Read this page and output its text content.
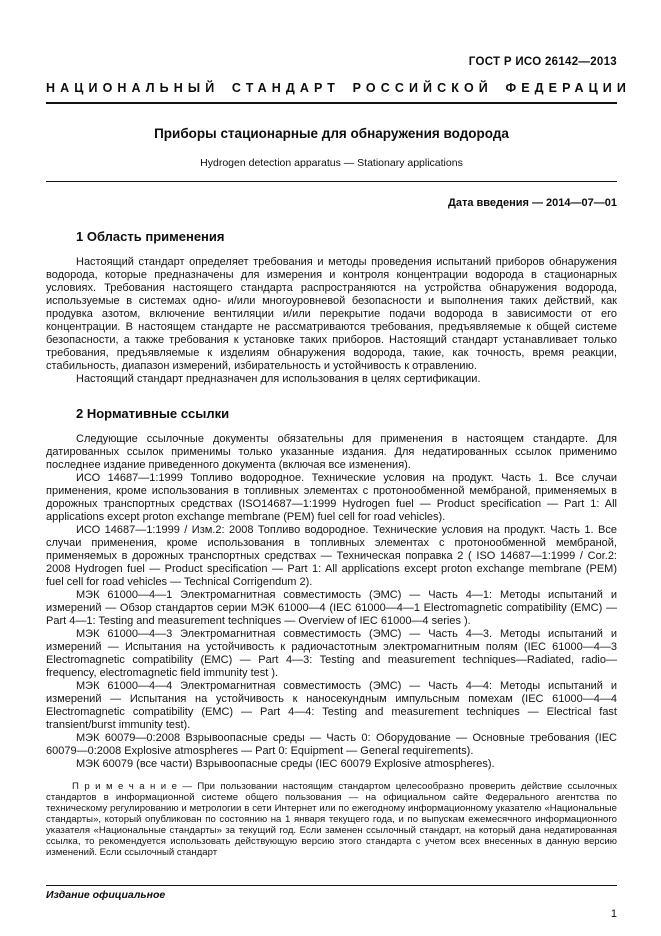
ГОСТ Р ИСО 26142—2013
НАЦИОНАЛЬНЫЙ СТАНДАРТ РОССИЙСКОЙ ФЕДЕРАЦИИ
Приборы стационарные для обнаружения водорода
Hydrogen detection apparatus — Stationary applications
Дата введения — 2014—07—01
1 Область применения

Настоящий стандарт определяет требования и методы проведения испытаний приборов обнаружения водорода, которые предназначены для измерения и контроля концентрации водорода в стационарных условиях. Требования настоящего стандарта распространяются на устройства обнаружения водорода, используемые в системах одно- и/или многоуровневой безопасности и выполнения таких действий, как продувка азотом, включение вентиляции и/или перекрытие подачи водорода в зависимости от его концентрации. В настоящем стандарте не рассматриваются требования, предъявляемые к общей системе безопасности, а также требования к установке таких приборов. Настоящий стандарт устанавливает только требования, предъявляемые к изделиям обнаружения водорода, такие, как точность, время реакции, стабильность, диапазон измерений, избирательность и устойчивость к отравлению.

Настоящий стандарт предназначен для использования в целях сертификации.

2 Нормативные ссылки

Следующие ссылочные документы обязательны для применения в настоящем стандарте. Для датированных ссылок применимы только указанные издания. Для недатированных ссылок применимо последнее издание приведенного документа (включая все изменения).

ИСО 14687—1:1999 Топливо водородное. Технические условия на продукт. Часть 1. Все случаи применения, кроме использования в топливных элементах с протонообменной мембраной, применяемых в дорожных транспортных средствах (ISO14687—1:1999 Hydrogen fuel — Product specification — Part 1: All applications except proton exchange membrane (PEM) fuel cell for road vehicles).

ИСО 14687—1:1999 / Изм.2: 2008 Топливо водородное. Технические условия на продукт. Часть 1. Все случаи применения, кроме использования в топливных элементах с протонообменной мембраной, применяемых в дорожных транспортных средствах — Техническая поправка 2 ( ISO 14687—1:1999 / Cor.2: 2008 Hydrogen fuel — Product specification — Part 1: All applications except proton exchange membrane (PEM) fuel cell for road vehicles — Technical Corrigendum 2).

МЭК 61000—4—1 Электромагнитная совместимость (ЭМС) — Часть 4—1: Методы испытаний и измерений — Обзор стандартов серии МЭК 61000—4 (IEC 61000—4—1 Electromagnetic compatibility (EMC) — Part 4—1: Testing and measurement techniques — Overview of IEC 61000—4 series ).

МЭК 61000—4—3 Электромагнитная совместимость (ЭМС) — Часть 4—3. Методы испытаний и измерений — Испытания на устойчивость к радиочастотным электромагнитным полям (IEC 61000—4—3 Electromagnetic compatibility (EMC) — Part 4—3: Testing and measurement techniques—Radiated, radio—frequency, electromagnetic field immunity test ).

МЭК 61000—4—4 Электромагнитная совместимость (ЭМС) — Часть 4—4: Методы испытаний и измерений — Испытания на устойчивость к наносекундным импульсным помехам (IEC 61000—4—4 Electromagnetic compatibility (EMC) — Part 4—4: Testing and measurement techniques — Electrical fast transient/burst immunity test).

МЭК 60079—0:2008 Взрывоопасные среды — Часть 0: Оборудование — Основные требования (IEC 60079—0:2008 Explosive atmospheres — Part 0: Equipment — General requirements).

МЭК 60079 (все части) Взрывоопасные среды (IEC 60079 Explosive atmospheres).

П р и м е ч а н и е — При пользовании настоящим стандартом целесообразно проверить действие ссылочных стандартов в информационной системе общего пользования — на официальном сайте Федерального агентства по техническому регулированию и метрологии в сети Интернет или по ежегодному информационному указателю «Национальные стандарты», который опубликован по состоянию на 1 января текущего года, и по выпускам ежемесячного информационного указателя «Национальные стандарты» за текущий год. Если заменен ссылочный стандарт, на который дана недатированная ссылка, то рекомендуется использовать действующую версию этого стандарта с учетом всех внесенных в данную версию изменений. Если ссылочный стандарт

Издание официальное
1
